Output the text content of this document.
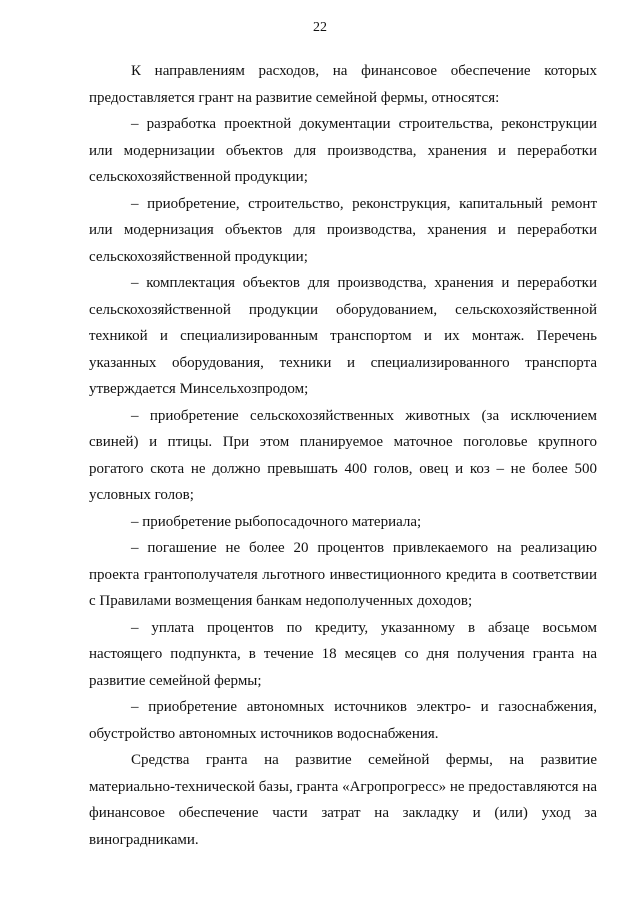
22

К направлениям расходов, на финансовое обеспечение которых предоставляется грант на развитие семейной фермы, относятся:

– разработка проектной документации строительства, реконструкции или модернизации объектов для производства, хранения и переработки сельскохозяйственной продукции;

– приобретение, строительство, реконструкция, капитальный ремонт или модернизация объектов для производства, хранения и переработки сельскохозяйственной продукции;

– комплектация объектов для производства, хранения и переработки сельскохозяйственной продукции оборудованием, сельскохозяйственной техникой и специализированным транспортом и их монтаж. Перечень указанных оборудования, техники и специализированного транспорта утверждается Минсельхозпродом;

– приобретение сельскохозяйственных животных (за исключением свиней) и птицы. При этом планируемое маточное поголовье крупного рогатого скота не должно превышать 400 голов, овец и коз – не более 500 условных голов;

– приобретение рыбопосадочного материала;

– погашение не более 20 процентов привлекаемого на реализацию проекта грантополучателя льготного инвестиционного кредита в соответствии с Правилами возмещения банкам недополученных доходов;

– уплата процентов по кредиту, указанному в абзаце восьмом настоящего подпункта, в течение 18 месяцев со дня получения гранта на развитие семейной фермы;

– приобретение автономных источников электро- и газоснабжения, обустройство автономных источников водоснабжения.

Средства гранта на развитие семейной фермы, на развитие материально-технической базы, гранта «Агропрогресс» не предоставляются на финансовое обеспечение части затрат на закладку и (или) уход за виноградниками.
